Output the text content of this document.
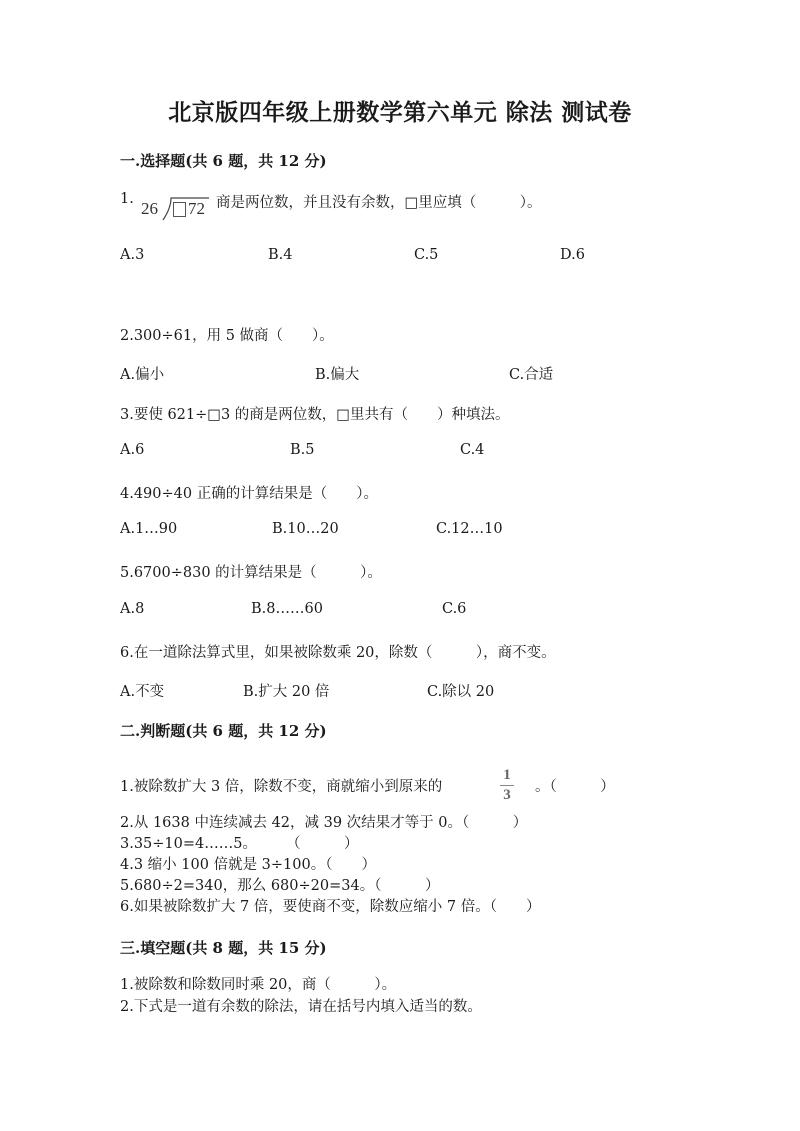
北京版四年级上册数学第六单元 除法 测试卷
一.选择题(共 6 题，共 12 分)
1. 26 72 商是两位数，并且没有余数，□里应填（　　　）。
A.3	B.4	C.5	D.6
2.300÷61，用 5 做商（　　）。
A.偏小	B.偏大	C.合适
3.要使 621÷□3 的商是两位数，□里共有（　　）种填法。
A.6	B.5	C.4
4.490÷40 正确的计算结果是（　　）。
A.1…90	B.10…20	C.12…10
5.6700÷830 的计算结果是（　　　）。
A.8	B.8……60	C.6
6.在一道除法算式里，如果被除数乘 20，除数（　　　），商不变。
A.不变	B.扩大 20 倍	C.除以 20
二.判断题(共 6 题，共 12 分)
1.被除数扩大 3 倍，除数不变，商就缩小到原来的
1
3 。（　　　）
2.从 1638 中连续减去 42，减 39 次结果才等于 0。（　　　）
3.35÷10=4……5。　　　（　　　）
4.3 缩小 100 倍就是 3÷100。（　　）
5.680÷2=340，那么 680÷20=34。（　　　）
6.如果被除数扩大 7 倍，要使商不变，除数应缩小 7 倍。（　　）
三.填空题(共 8 题，共 15 分)
1.被除数和除数同时乘 20，商（　　　）。
2.下式是一道有余数的除法，请在括号内填入适当的数。
